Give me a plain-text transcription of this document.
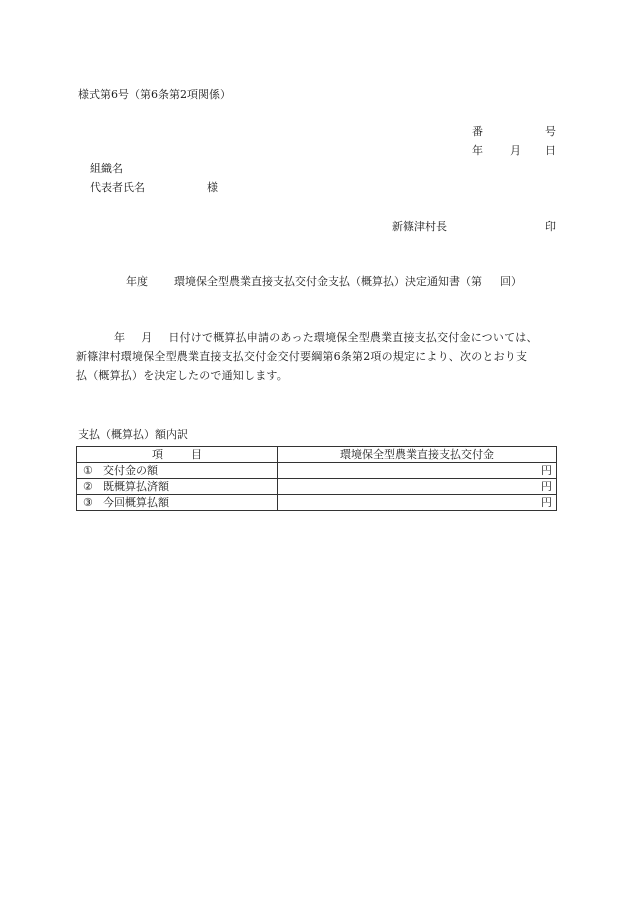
様式第6号（第6条第2項関係）
番	号
年 月 日
組織名
代表者氏名	様
新篠津村長	印
年度 環境保全型農業直接支払交付金支払（概算払）決定通知書（第 回）
年 月 日付けで概算払申請のあった環境保全型農業直接支払交付金については、
新篠津村環境保全型農業直接支払交付金交付要綱第6条第2項の規定により、次のとおり支
払（概算払）を決定したので通知します。
支払（概算払）額内訳
項 目	環境保全型農業直接支払交付金
① 交付金の額	円
② 既概算払済額	円
③ 今回概算払額	円
